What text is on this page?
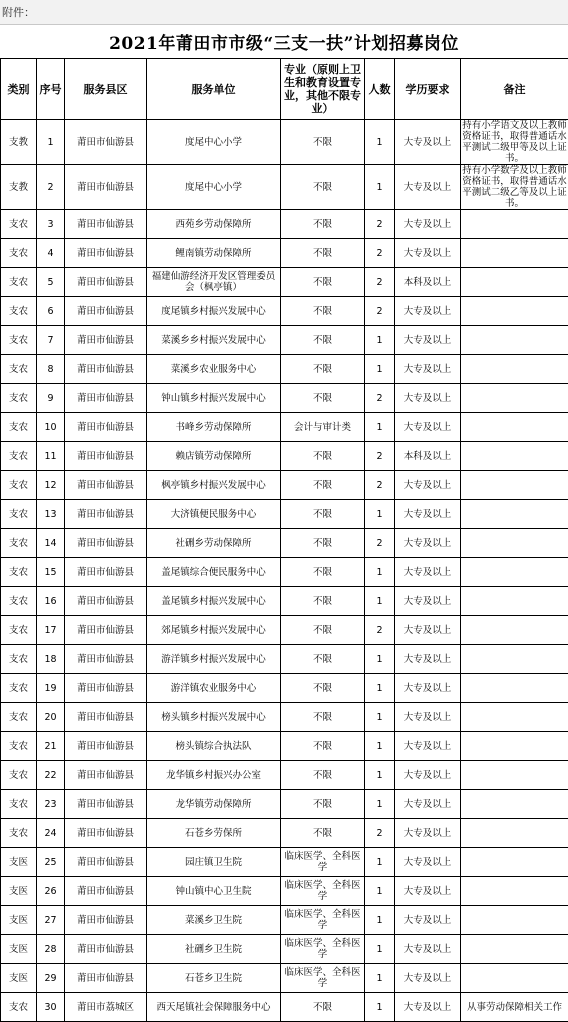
附件：
2021年莆田市市级“三支一扶”计划招募岗位
类别	序号	服务县区	服务单位	专业（原则上卫生和教育设置专业，其他不限专业）	人数	学历要求	备注
支教	1	莆田市仙游县	度尾中心小学	不限	1	大专及以上	持有小学语文及以上教师资格证书，取得普通话水平测试二级甲等及以上证书。
支教	2	莆田市仙游县	度尾中心小学	不限	1	大专及以上	持有小学数学及以上教师资格证书，取得普通话水平测试二级乙等及以上证书。
支农	3	莆田市仙游县	西苑乡劳动保障所	不限	2	大专及以上	
支农	4	莆田市仙游县	鲤南镇劳动保障所	不限	2	大专及以上	
支农	5	莆田市仙游县	福建仙游经济开发区管理委员会（枫亭镇）	不限	2	本科及以上	
支农	6	莆田市仙游县	度尾镇乡村振兴发展中心	不限	2	大专及以上	
支农	7	莆田市仙游县	菜溪乡乡村振兴发展中心	不限	1	大专及以上	
支农	8	莆田市仙游县	菜溪乡农业服务中心	不限	1	大专及以上	
支农	9	莆田市仙游县	钟山镇乡村振兴发展中心	不限	2	大专及以上	
支农	10	莆田市仙游县	书峰乡劳动保障所	会计与审计类	1	大专及以上	
支农	11	莆田市仙游县	赖店镇劳动保障所	不限	2	本科及以上	
支农	12	莆田市仙游县	枫亭镇乡村振兴发展中心	不限	2	大专及以上	
支农	13	莆田市仙游县	大济镇便民服务中心	不限	1	大专及以上	
支农	14	莆田市仙游县	社硎乡劳动保障所	不限	2	大专及以上	
支农	15	莆田市仙游县	盖尾镇综合便民服务中心	不限	1	大专及以上	
支农	16	莆田市仙游县	盖尾镇乡村振兴发展中心	不限	1	大专及以上	
支农	17	莆田市仙游县	郊尾镇乡村振兴发展中心	不限	2	大专及以上	
支农	18	莆田市仙游县	游洋镇乡村振兴发展中心	不限	1	大专及以上	
支农	19	莆田市仙游县	游洋镇农业服务中心	不限	1	大专及以上	
支农	20	莆田市仙游县	榜头镇乡村振兴发展中心	不限	1	大专及以上	
支农	21	莆田市仙游县	榜头镇综合执法队	不限	1	大专及以上	
支农	22	莆田市仙游县	龙华镇乡村振兴办公室	不限	1	大专及以上	
支农	23	莆田市仙游县	龙华镇劳动保障所	不限	1	大专及以上	
支农	24	莆田市仙游县	石苍乡劳保所	不限	2	大专及以上	
支医	25	莆田市仙游县	园庄镇卫生院	临床医学、全科医学	1	大专及以上	
支医	26	莆田市仙游县	钟山镇中心卫生院	临床医学、全科医学	1	大专及以上	
支医	27	莆田市仙游县	菜溪乡卫生院	临床医学、全科医学	1	大专及以上	
支医	28	莆田市仙游县	社硎乡卫生院	临床医学、全科医学	1	大专及以上	
支医	29	莆田市仙游县	石苍乡卫生院	临床医学、全科医学	1	大专及以上	
支农	30	莆田市荔城区	西天尾镇社会保障服务中心	不限	1	大专及以上	从事劳动保障相关工作
